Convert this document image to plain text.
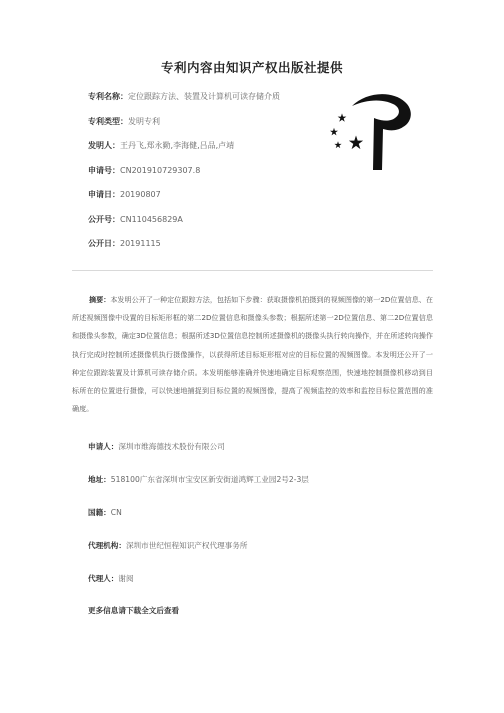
专利内容由知识产权出版社提供
专利名称：定位跟踪方法、装置及计算机可读存储介质
专利类型：发明专利
发明人：王丹飞,郑永勤,李海健,吕品,卢靖
申请号：CN201910729307.8
申请日：20190807
公开号：CN110456829A
公开日：20191115
摘要：本发明公开了一种定位跟踪方法，包括如下步骤：获取摄像机拍摄到的视频图像的第一2D位置信息、在所述视频图像中设置的目标矩形框的第二2D位置信息和摄像头参数；根据所述第一2D位置信息、第二2D位置信息和摄像头参数，确定3D位置信息；根据所述3D位置信息控制所述摄像机的摄像头执行转向操作，并在所述转向操作执行完成时控制所述摄像机执行摄像操作，以获得所述目标矩形框对应的目标位置的视频图像。本发明还公开了一种定位跟踪装置及计算机可读存储介质。本发明能够准确并快速地确定目标观察范围，快速地控制摄像机移动到目标所在的位置进行摄像，可以快速地捕捉到目标位置的视频图像，提高了视频监控的效率和监控目标位置范围的准确度。
申请人：深圳市维海德技术股份有限公司
地址：518100广东省深圳市宝安区新安街道鸿辉工业园2号2-3层
国籍：CN
代理机构：深圳市世纪恒程知识产权代理事务所
代理人：谢阅
更多信息请下载全文后查看
